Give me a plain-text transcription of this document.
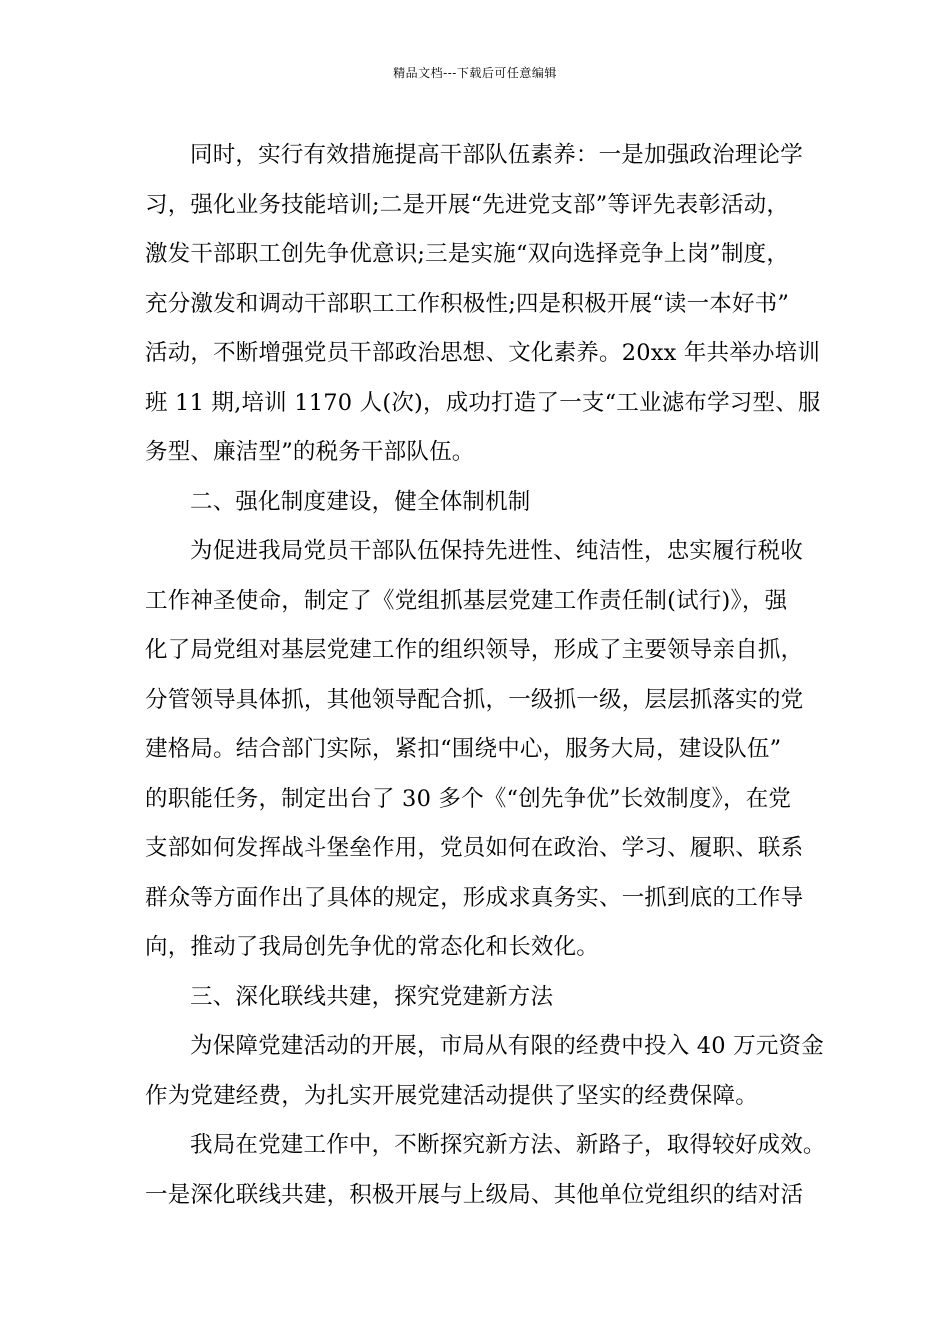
精品文档---下载后可任意编辑
同时，实行有效措施提高干部队伍素养：一是加强政治理论学
习，强化业务技能培训;二是开展“先进党支部”等评先表彰活动，
激发干部职工创先争优意识;三是实施“双向选择竞争上岗”制度，
充分激发和调动干部职工工作积极性;四是积极开展“读一本好书”
活动，不断增强党员干部政治思想、文化素养。20xx 年共举办培训
班 11 期,培训 1170 人(次)，成功打造了一支“工业滤布学习型、服
务型、廉洁型”的税务干部队伍。
二、强化制度建设，健全体制机制
为促进我局党员干部队伍保持先进性、纯洁性，忠实履行税收
工作神圣使命，制定了《党组抓基层党建工作责任制(试行)》，强
化了局党组对基层党建工作的组织领导，形成了主要领导亲自抓，
分管领导具体抓，其他领导配合抓，一级抓一级，层层抓落实的党
建格局。结合部门实际，紧扣“围绕中心，服务大局，建设队伍”
的职能任务，制定出台了 30 多个《“创先争优”长效制度》，在党
支部如何发挥战斗堡垒作用，党员如何在政治、学习、履职、联系
群众等方面作出了具体的规定，形成求真务实、一抓到底的工作导
向，推动了我局创先争优的常态化和长效化。
三、深化联线共建，探究党建新方法
为保障党建活动的开展，市局从有限的经费中投入 40 万元资金
作为党建经费，为扎实开展党建活动提供了坚实的经费保障。
我局在党建工作中，不断探究新方法、新路子，取得较好成效。
一是深化联线共建，积极开展与上级局、其他单位党组织的结对活
